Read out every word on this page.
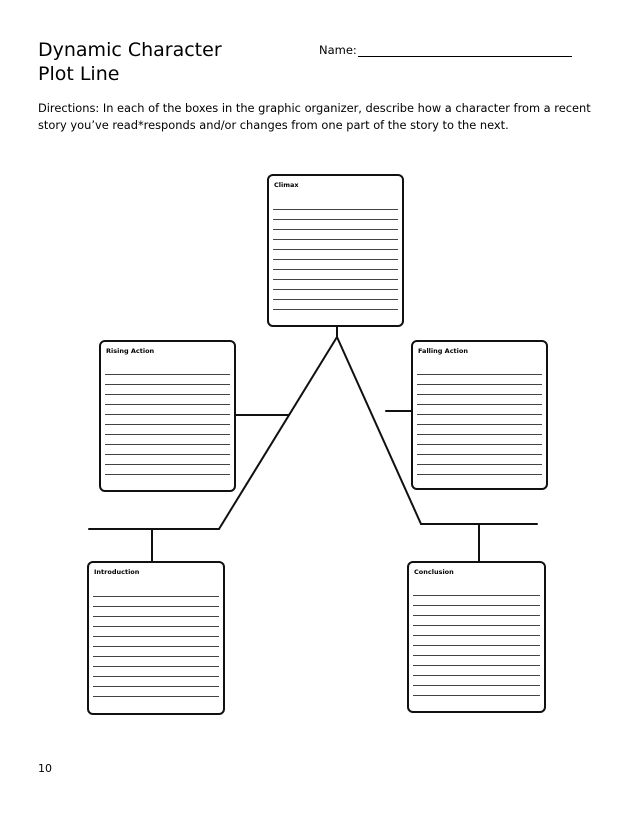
Dynamic Character
Plot Line
Name:
Directions: In each of the boxes in the graphic organizer, describe how a character from a recent story you’ve read*responds and/or changes from one part of the story to the next.
Climax
Rising Action	Falling Action
Introduction	Conclusion
10
